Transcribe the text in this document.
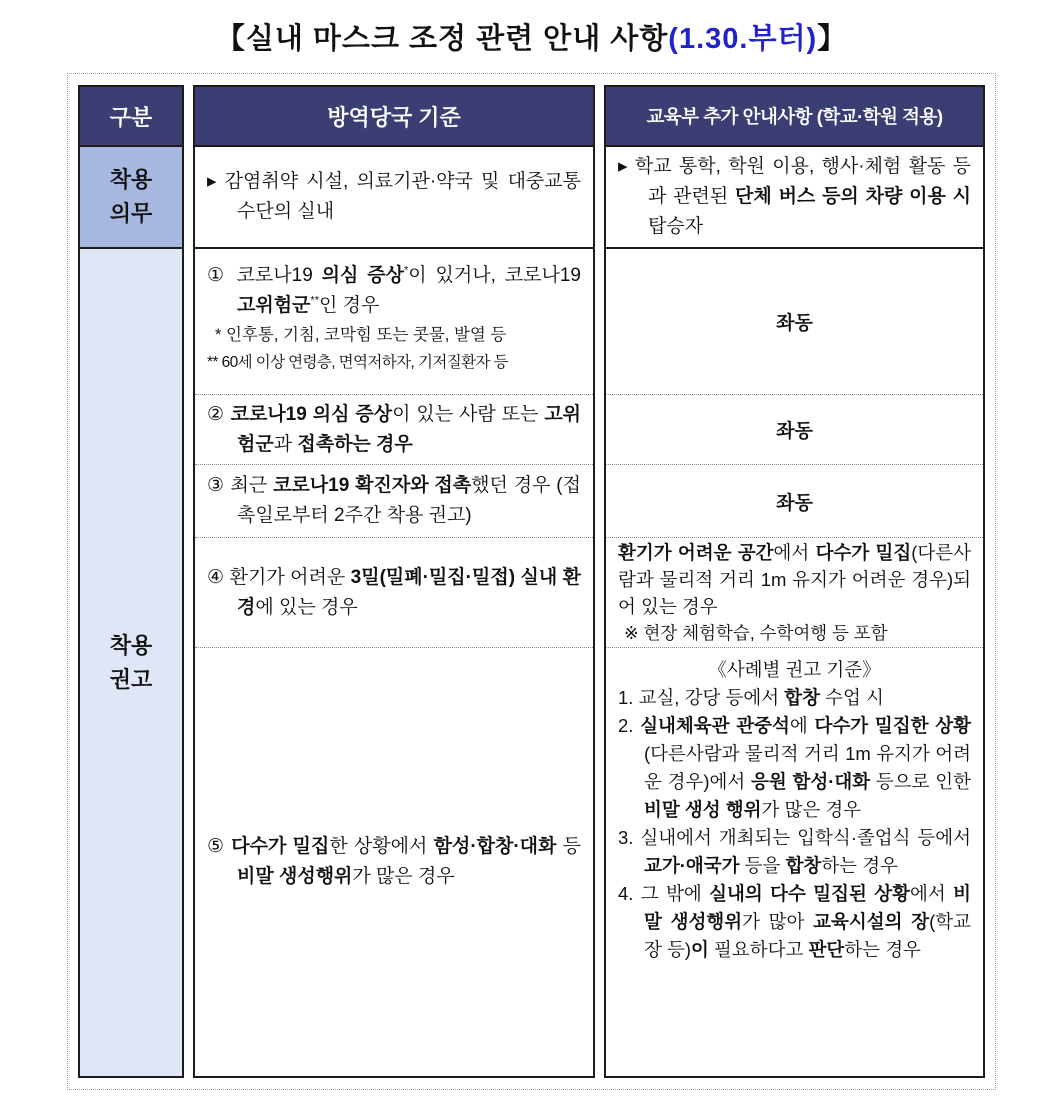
【실내 마스크 조정 관련 안내 사항(1.30.부터)】
구분
착용 의무
착용 권고
방역당국 기준
▸ 감염취약 시설, 의료기관·약국 및 대중교통수단의 실내
① 코로나19 의심 증상*이 있거나, 코로나19 고위험군**인 경우
* 인후통, 기침, 코막힘 또는 콧물, 발열 등
** 60세 이상 연령층, 면역저하자, 기저질환자 등
② 코로나19 의심 증상이 있는 사람 또는 고위험군과 접촉하는 경우
③ 최근 코로나19 확진자와 접촉했던 경우 (접촉일로부터 2주간 착용 권고)
④ 환기가 어려운 3밀(밀폐·밀집·밀접) 실내 환경에 있는 경우
⑤ 다수가 밀집한 상황에서 함성·합창·대화 등 비말 생성행위가 많은 경우
교육부 추가 안내사항 (학교·학원 적용)
▸ 학교 통학, 학원 이용, 행사·체험 활동 등과 관련된 단체 버스 등의 차량 이용 시 탑승자
좌동
좌동
좌동
환기가 어려운 공간에서 다수가 밀집(다른사람과 물리적 거리 1m 유지가 어려운 경우)되어 있는 경우
※ 현장 체험학습, 수학여행 등 포함
《사례별 권고 기준》
1. 교실, 강당 등에서 합창 수업 시
2. 실내체육관 관중석에 다수가 밀집한 상황(다른사람과 물리적 거리 1m 유지가 어려운 경우)에서 응원 함성·대화 등으로 인한 비말 생성 행위가 많은 경우
3. 실내에서 개최되는 입학식·졸업식 등에서 교가·애국가 등을 합창하는 경우
4. 그 밖에 실내의 다수 밀집된 상황에서 비말 생성행위가 많아 교육시설의 장(학교장 등)이 필요하다고 판단하는 경우
